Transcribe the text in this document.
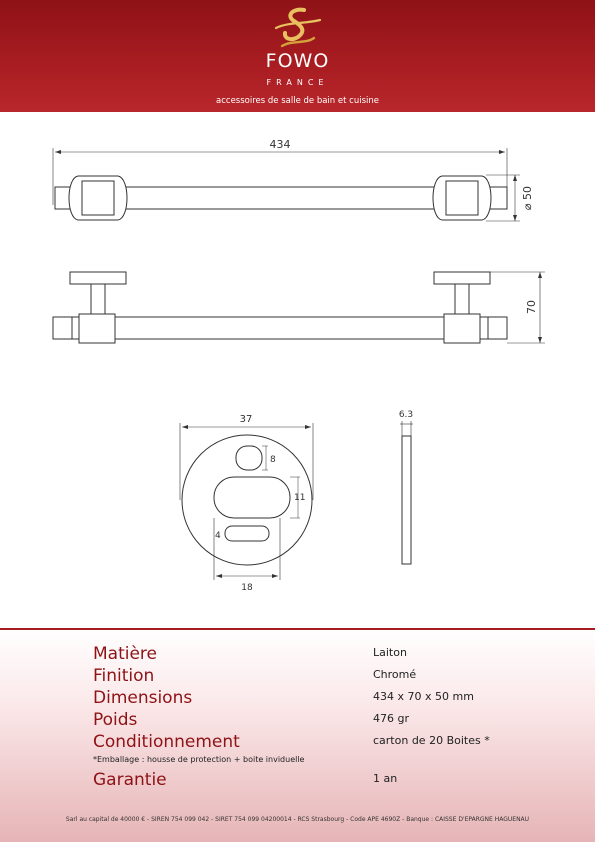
FOWO
FRANCE
accessoires de salle de bain et cuisine
434
⌀ 50
70
37
8
11
4
18
6.3
Matière	Laiton
Finition	Chromé
Dimensions	434 x 70 x 50 mm
Poids	476 gr
Conditionnement	carton de 20 Boites *
*Emballage : housse de protection + boite inviduelle
Garantie	1 an
Sarl au capital de 40000 € - SIREN 754 099 042 - SIRET 754 099 04200014 - RCS Strasbourg - Code APE 4690Z - Banque : CAISSE D'EPARGNE HAGUENAU
